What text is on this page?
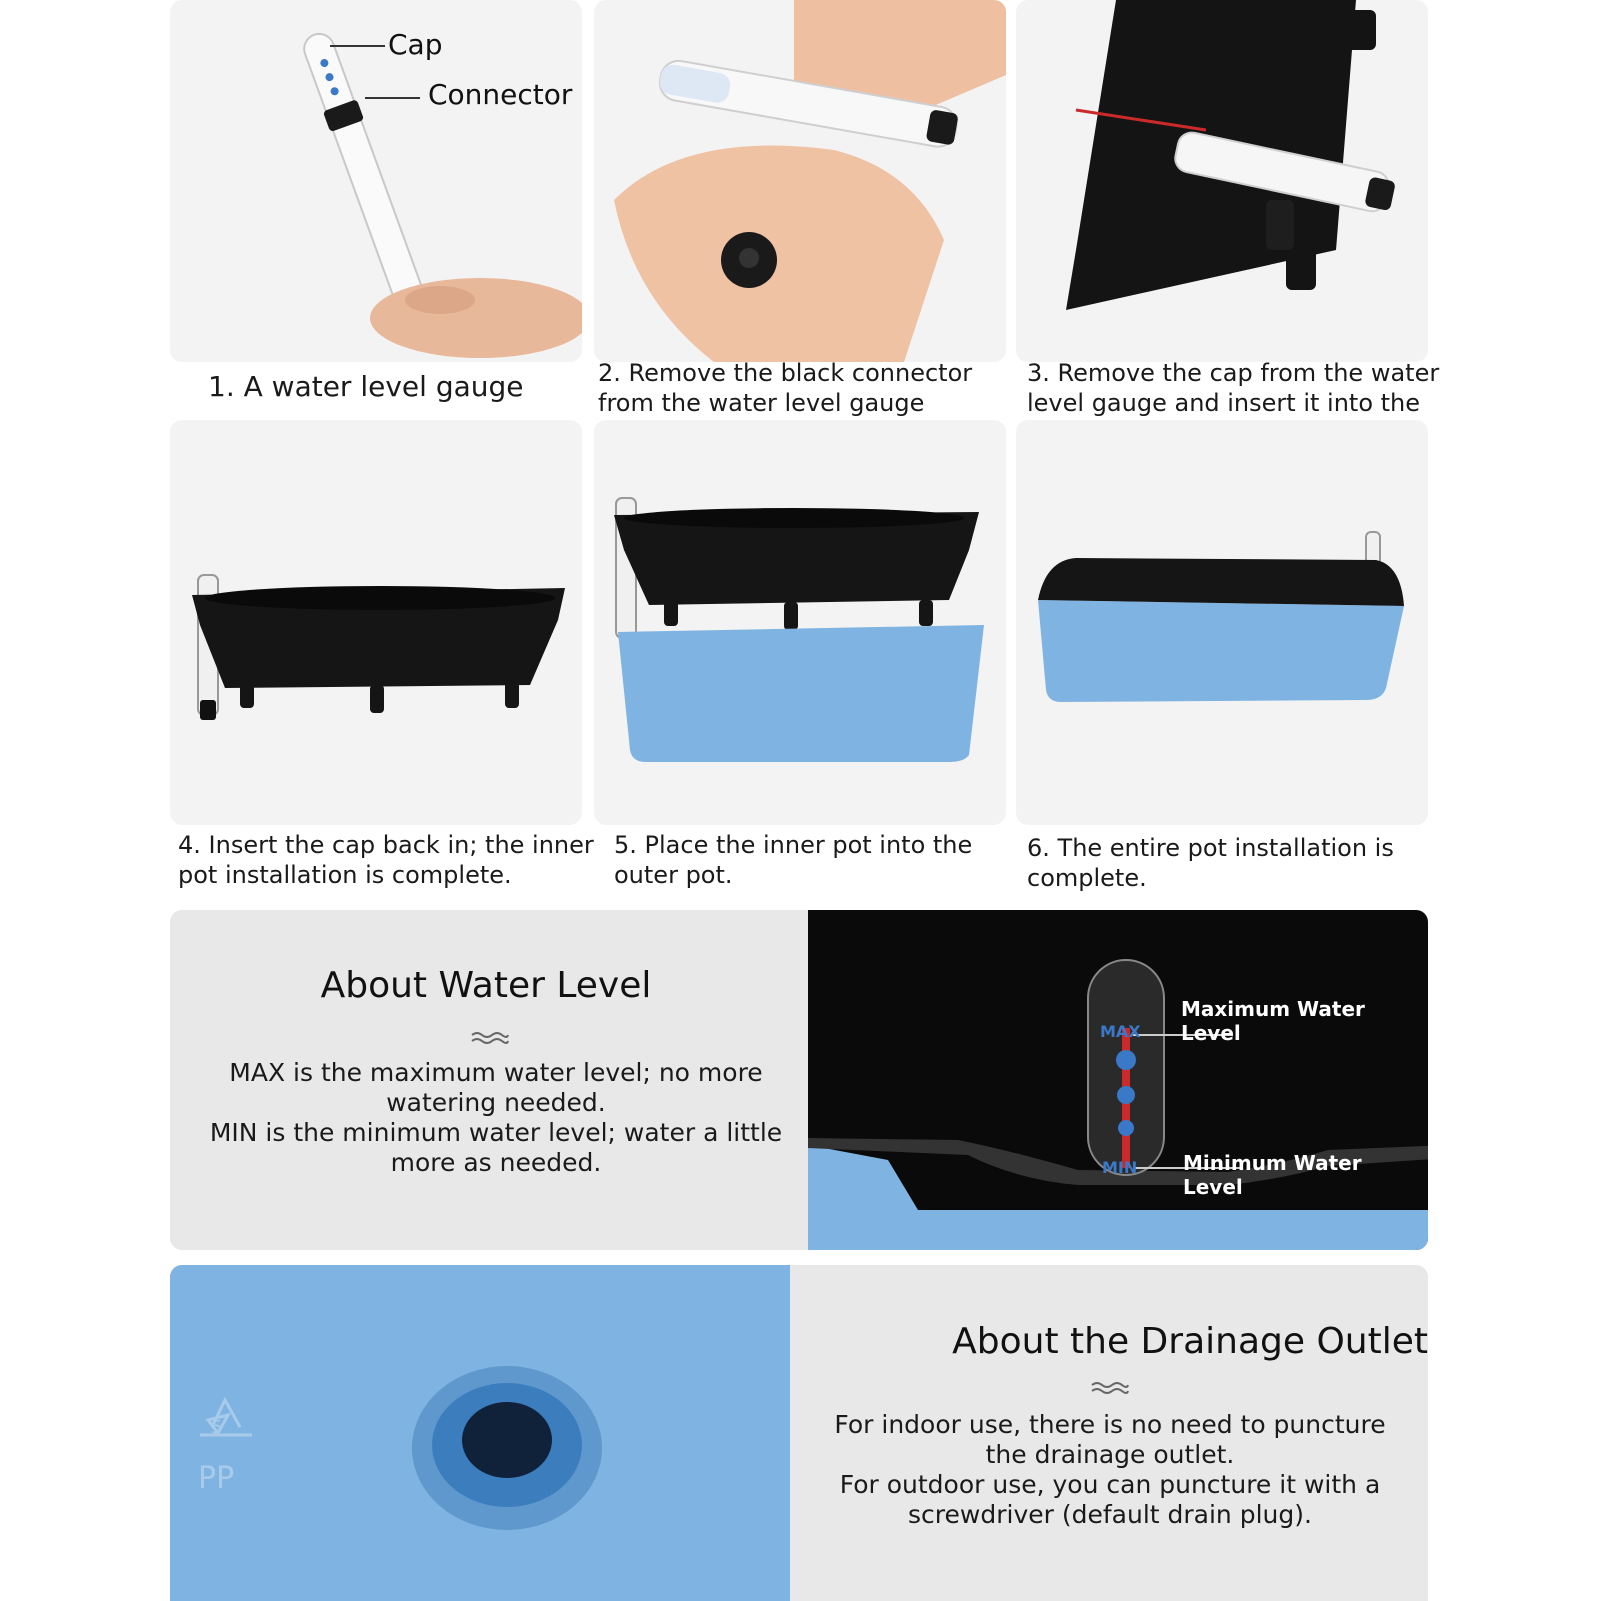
Cap
Connector
1. A water level gauge	2. Remove the black connector
from the water level gauge
3. Remove the cap from the water
level gauge and insert it into the

4. Insert the cap back in; the inner
pot installation is complete.
5. Place the inner pot into the
outer pot.
6. The entire pot installation is
complete.
About Water Level
MAX is the maximum water level; no more
watering needed.
MIN is the minimum water level; water a little
more as needed.
MAX
MIN
Maximum Water Level
Minimum Water Level
5
PP
About the Drainage Outlet
For indoor use, there is no need to puncture
the drainage outlet.
For outdoor use, you can puncture it with a
screwdriver (default drain plug).
